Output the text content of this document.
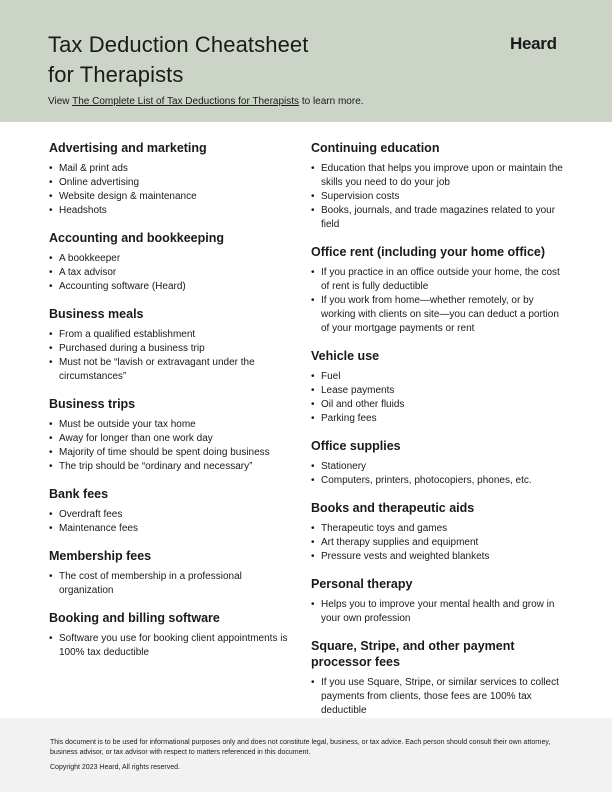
Tax Deduction Cheatsheet
for Therapists
Heard
View The Complete List of Tax Deductions for Therapists to learn more.
Advertising and marketing
• Mail & print ads
• Online advertising
• Website design & maintenance
• Headshots
Accounting and bookkeeping
• A bookkeeper
• A tax advisor
• Accounting software (Heard)
Business meals
• From a qualified establishment
• Purchased during a business trip
• Must not be “lavish or extravagant under the circumstances”
Business trips
• Must be outside your tax home
• Away for longer than one work day
• Majority of time should be spent doing business
• The trip should be “ordinary and necessary”
Bank fees
• Overdraft fees
• Maintenance fees
Membership fees
• The cost of membership in a professional organization
Booking and billing software
• Software you use for booking client appointments is 100% tax deductible
Continuing education
• Education that helps you improve upon or maintain the skills you need to do your job
• Supervision costs
• Books, journals, and trade magazines related to your field
Office rent (including your home office)
• If you practice in an office outside your home, the cost of rent is fully deductible
• If you work from home—whether remotely, or by working with clients on site—you can deduct a portion of your mortgage payments or rent
Vehicle use
• Fuel
• Lease payments
• Oil and other fluids
• Parking fees
Office supplies
• Stationery
• Computers, printers, photocopiers, phones, etc.
Books and therapeutic aids
• Therapeutic toys and games
• Art therapy supplies and equipment
• Pressure vests and weighted blankets
Personal therapy
• Helps you to improve your mental health and grow in your own profession
Square, Stripe, and other payment processor fees
• If you use Square, Stripe, or similar services to collect payments from clients, those fees are 100% tax deductible

This document is to be used for informational purposes only and does not constitute legal, business, or tax advice. Each person should consult their own attorney, business advisor, or tax advisor with respect to matters referenced in this document.

Copyright 2023 Heard, All rights reserved.
